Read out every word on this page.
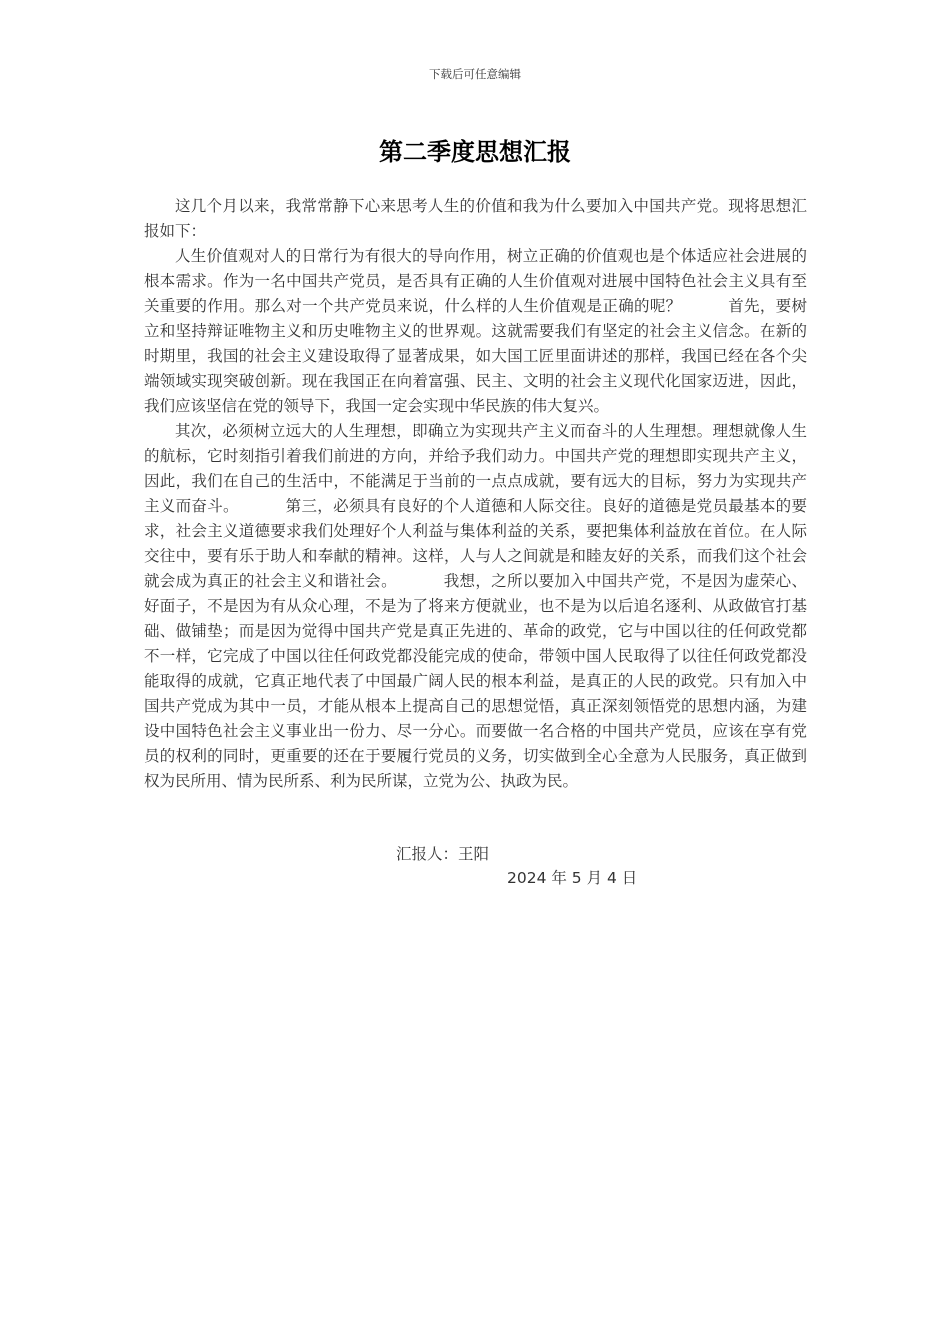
下载后可任意编辑
第二季度思想汇报

这几个月以来，我常常静下心来思考人生的价值和我为什么要加入中国共产党。现将思想汇报如下：

人生价值观对人的日常行为有很大的导向作用，树立正确的价值观也是个体适应社会进展的根本需求。作为一名中国共产党员，是否具有正确的人生价值观对进展中国特色社会主义具有至关重要的作用。那么对一个共产党员来说，什么样的人生价值观是正确的呢？	首先，要树立和坚持辩证唯物主义和历史唯物主义的世界观。这就需要我们有坚定的社会主义信念。在新的时期里，我国的社会主义建设取得了显著成果，如大国工匠里面讲述的那样，我国已经在各个尖端领域实现突破创新。现在我国正在向着富强、民主、文明的社会主义现代化国家迈进，因此，我们应该坚信在党的领导下，我国一定会实现中华民族的伟大复兴。

其次，必须树立远大的人生理想，即确立为实现共产主义而奋斗的人生理想。理想就像人生的航标，它时刻指引着我们前进的方向，并给予我们动力。中国共产党的理想即实现共产主义，因此，我们在自己的生活中，不能满足于当前的一点点成就，要有远大的目标，努力为实现共产主义而奋斗。	第三，必须具有良好的个人道德和人际交往。良好的道德是党员最基本的要求，社会主义道德要求我们处理好个人利益与集体利益的关系，要把集体利益放在首位。在人际交往中，要有乐于助人和奉献的精神。这样，人与人之间就是和睦友好的关系，而我们这个社会就会成为真正的社会主义和谐社会。	我想，之所以要加入中国共产党，不是因为虚荣心、好面子，不是因为有从众心理，不是为了将来方便就业，也不是为以后追名逐利、从政做官打基础、做铺垫；而是因为觉得中国共产党是真正先进的、革命的政党，它与中国以往的任何政党都不一样，它完成了中国以往任何政党都没能完成的使命，带领中国人民取得了以往任何政党都没能取得的成就，它真正地代表了中国最广阔人民的根本利益，是真正的人民的政党。只有加入中国共产党成为其中一员，才能从根本上提高自己的思想觉悟，真正深刻领悟党的思想内涵，为建设中国特色社会主义事业出一份力、尽一分心。而要做一名合格的中国共产党员，应该在享有党员的权利的同时，更重要的还在于要履行党员的义务，切实做到全心全意为人民服务，真正做到权为民所用、情为民所系、利为民所谋，立党为公、执政为民。

汇报人：王阳
2024 年 5 月 4 日
